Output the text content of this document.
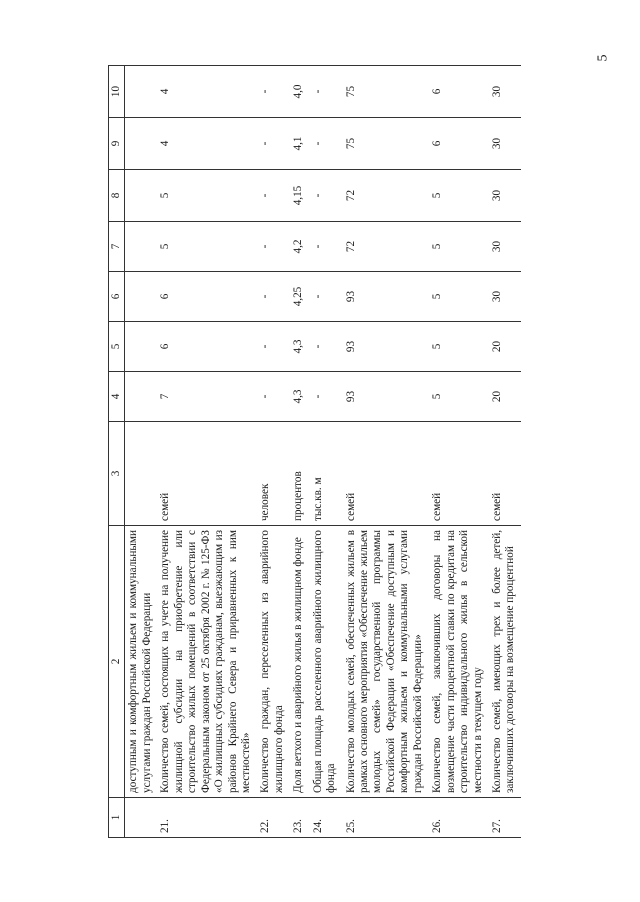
5
1	2	3	4	5	6	7	8	9	10
	доступным и комфортным жильем и коммунальными услугами граждан Российской Федерации								
21.	Количество семей, состоящих на учете на получение жилищной субсидии на приобретение или строительство жилых помещений в соответствии с Федеральным законом от 25 октября 2002 г. № 125-ФЗ «О жилищных субсидиях гражданам, выезжающим из районов Крайнего Севера и приравненных к ним местностей»	семей	7	6	6	5	5	4	4
22.	Количество граждан, переселенных из аварийного жилищного фонда	человек	-	-	-	-	-	-	-
23.	Доля ветхого и аварийного жилья в жилищном фонде	процентов	4,3	4,3	4,25	4,2	4,15	4,1	4,0
24.	Общая площадь расселенного аварийного жилищного фонда	тыс.кв. м	-	-	-	-	-	-	-
25.	Количество молодых семей, обеспеченных жильем в рамках основного мероприятия «Обеспечение жильем молодых семей» государственной программы Российской Федерации «Обеспечение доступным и комфортным жильем и коммунальными услугами граждан Российской Федерации»	семей	93	93	93	72	72	75	75
26.	Количество семей, заключивших договоры на возмещение части процентной ставки по кредитам на строительство индивидуального жилья в сельской местности в текущем году	семей	5	5	5	5	5	6	6
27.	Количество семей, имеющих трех и более детей, заключивших договоры на возмещение процентной	семей	20	20	30	30	30	30	30
